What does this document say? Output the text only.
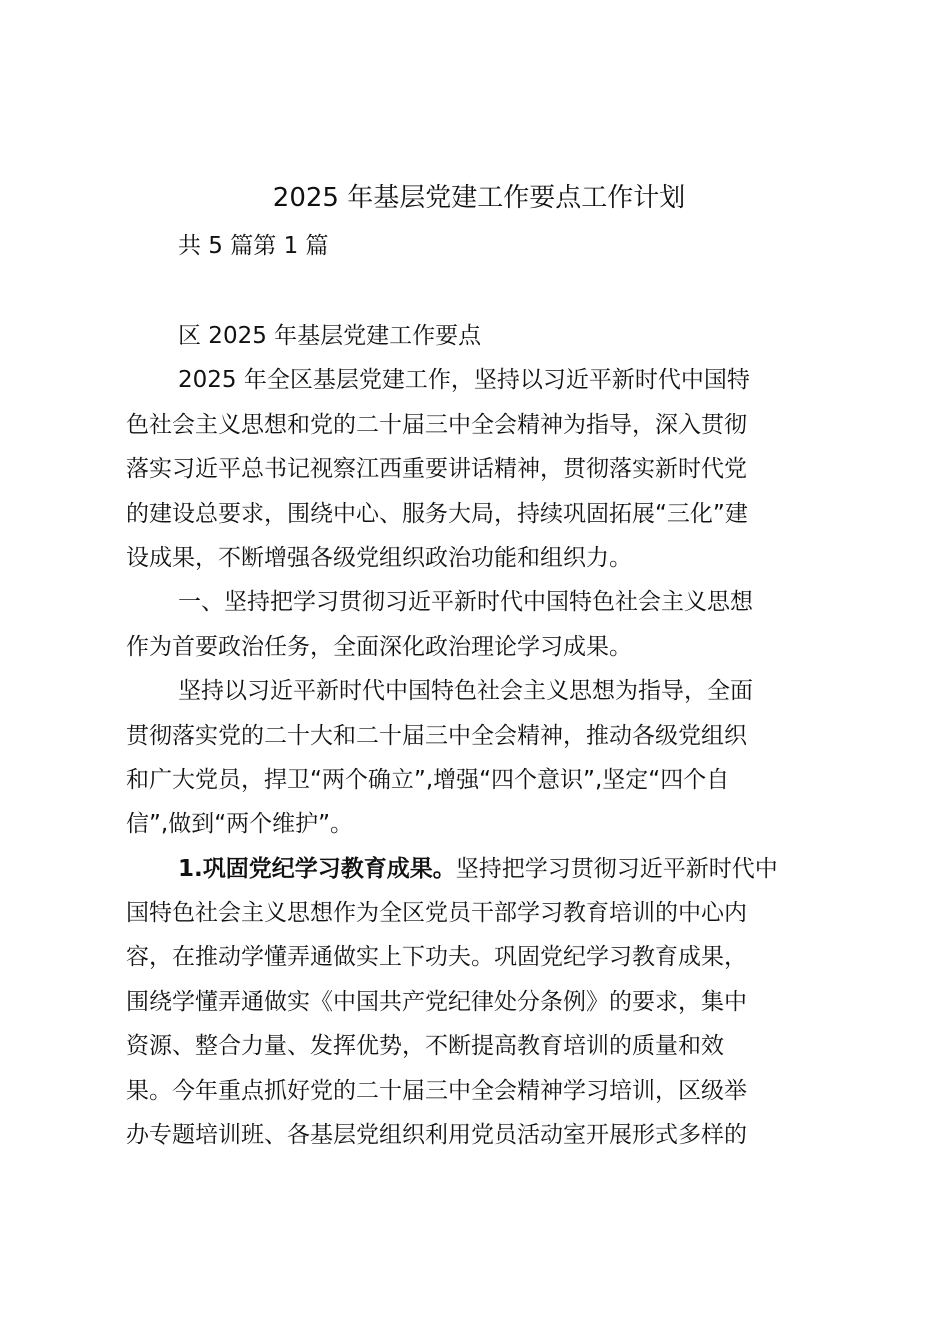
2025 年基层党建工作要点工作计划
共 5 篇第 1 篇
区 2025 年基层党建工作要点
2025 年全区基层党建工作，坚持以习近平新时代中国特
色社会主义思想和党的二十届三中全会精神为指导，深入贯彻
落实习近平总书记视察江西重要讲话精神，贯彻落实新时代党
的建设总要求，围绕中心、服务大局，持续巩固拓展“三化”建
设成果，不断增强各级党组织政治功能和组织力。
一、坚持把学习贯彻习近平新时代中国特色社会主义思想
作为首要政治任务，全面深化政治理论学习成果。
坚持以习近平新时代中国特色社会主义思想为指导，全面
贯彻落实党的二十大和二十届三中全会精神，推动各级党组织
和广大党员，捍卫“两个确立”,增强“四个意识”,坚定“四个自
信”,做到“两个维护”。
1.巩固党纪学习教育成果。坚持把学习贯彻习近平新时代中
国特色社会主义思想作为全区党员干部学习教育培训的中心内
容，在推动学懂弄通做实上下功夫。巩固党纪学习教育成果，
围绕学懂弄通做实《中国共产党纪律处分条例》的要求，集中
资源、整合力量、发挥优势，不断提高教育培训的质量和效
果。今年重点抓好党的二十届三中全会精神学习培训，区级举
办专题培训班、各基层党组织利用党员活动室开展形式多样的
